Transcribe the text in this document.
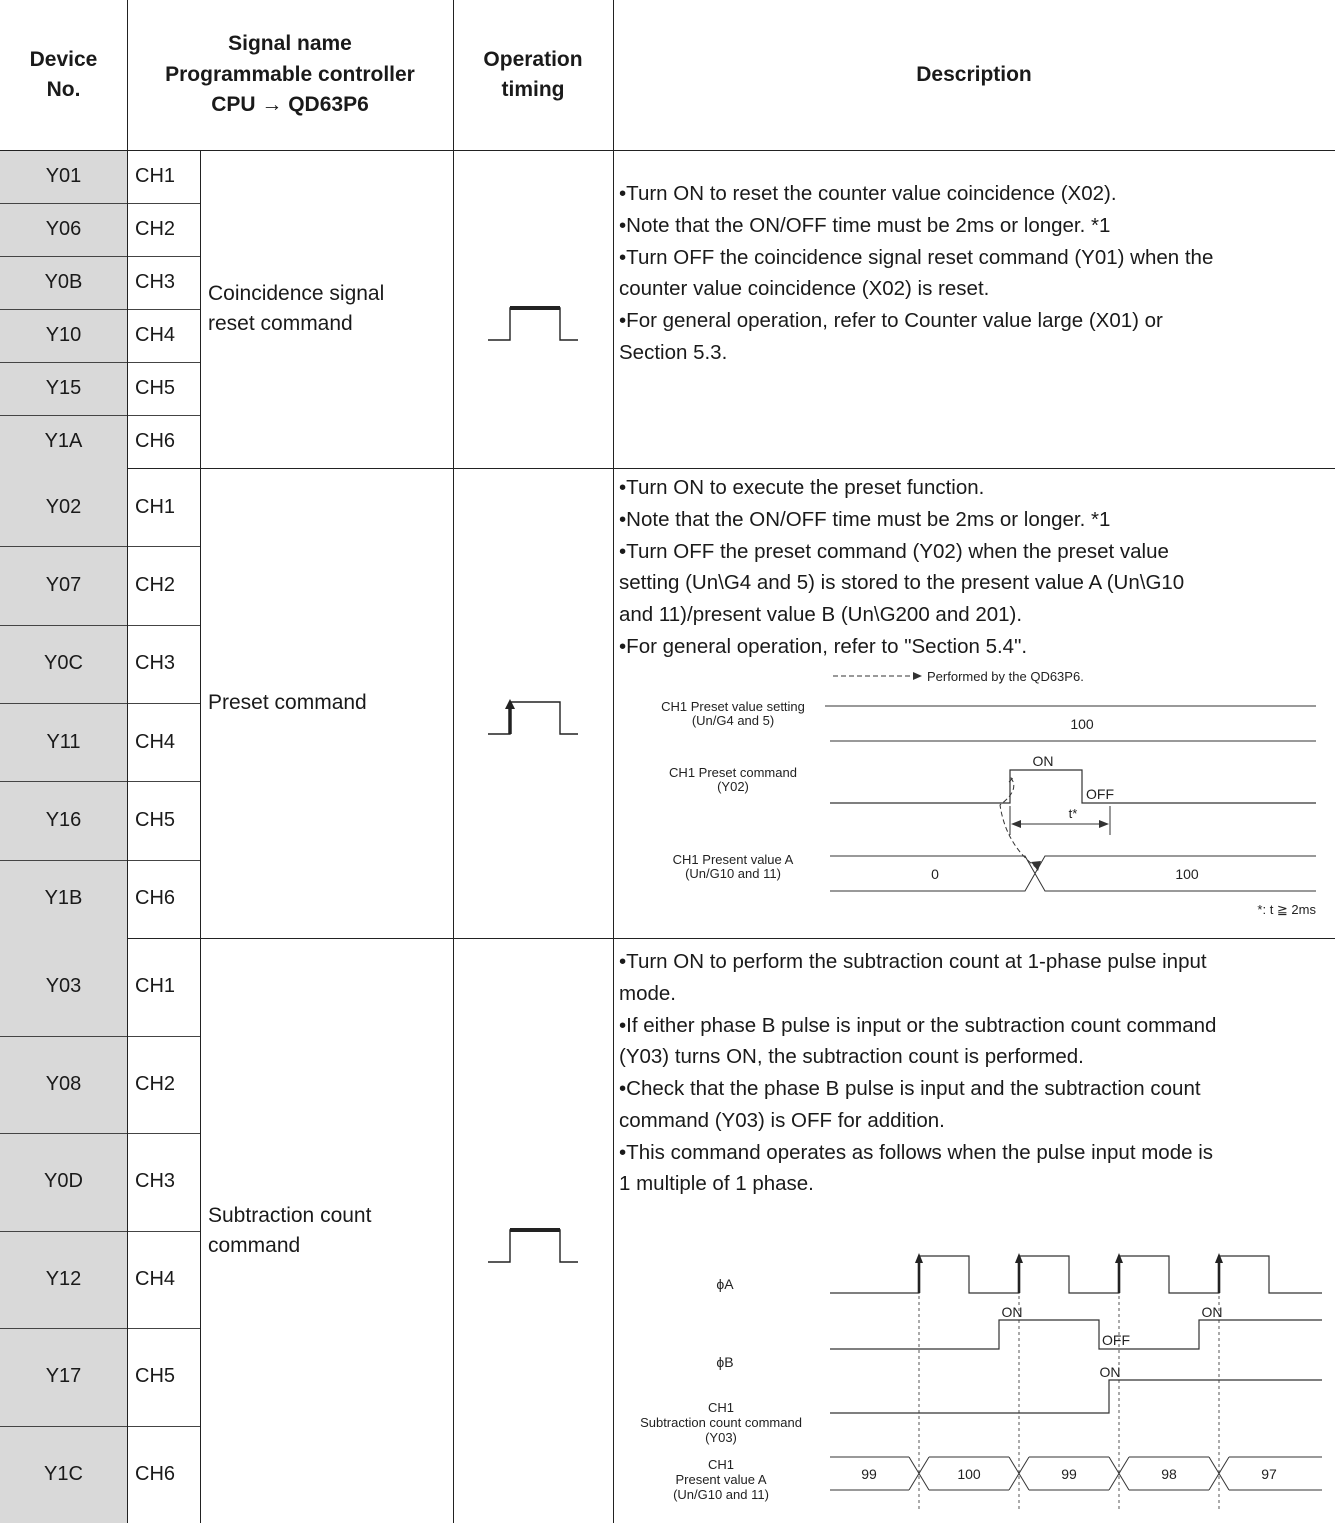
Device
No.
Signal name
Programmable controller
CPU → QD63P6
Operation
timing
Description
Y01	CH1
Y06	CH2
Y0B	CH3
Y10	CH4
Y15	CH5
Y1A	CH6
Coincidence signal
reset command
•Turn ON to reset the counter value coincidence (X02).
•Note that the ON/OFF time must be 2ms or longer. *1
•Turn OFF the coincidence signal reset command (Y01) when the
counter value coincidence (X02) is reset.
•For general operation, refer to Counter value large (X01) or
Section 5.3.
Y02	CH1
Y07	CH2
Y0C	CH3
Y11	CH4
Y16	CH5
Y1B	CH6
Preset command
•Turn ON to execute the preset function.
•Note that the ON/OFF time must be 2ms or longer. *1
•Turn OFF the preset command (Y02) when the preset value
setting (Un\G4 and 5) is stored to the present value A (Un\G10
and 11)/present value B (Un\G200 and 201).
•For general operation, refer to "Section 5.4".
Y03	CH1
Y08	CH2
Y0D	CH3
Y12	CH4
Y17	CH5
Y1C	CH6
Subtraction count
command
•Turn ON to perform the subtraction count at 1-phase pulse input
mode.
•If either phase B pulse is input or the subtraction count command
(Y03) turns ON, the subtraction count is performed.
•Check that the phase B pulse is input and the subtraction count
command (Y03) is OFF for addition.
•This command operates as follows when the pulse input mode is
1 multiple of 1 phase.
Performed by the QD63P6.
CH1 Preset value setting
(Un/G4 and 5)
CH1 Preset command
(Y02)
CH1 Present value A
(Un/G10 and 11)
100
ON
OFF
t*
0	100
*: t ≧ 2ms
ϕA
ϕB
CH1
Subtraction count command
(Y03)
CH1
Present value A
(Un/G10 and 11)
ON	ON
OFF
ON
99	100	99	98	97
